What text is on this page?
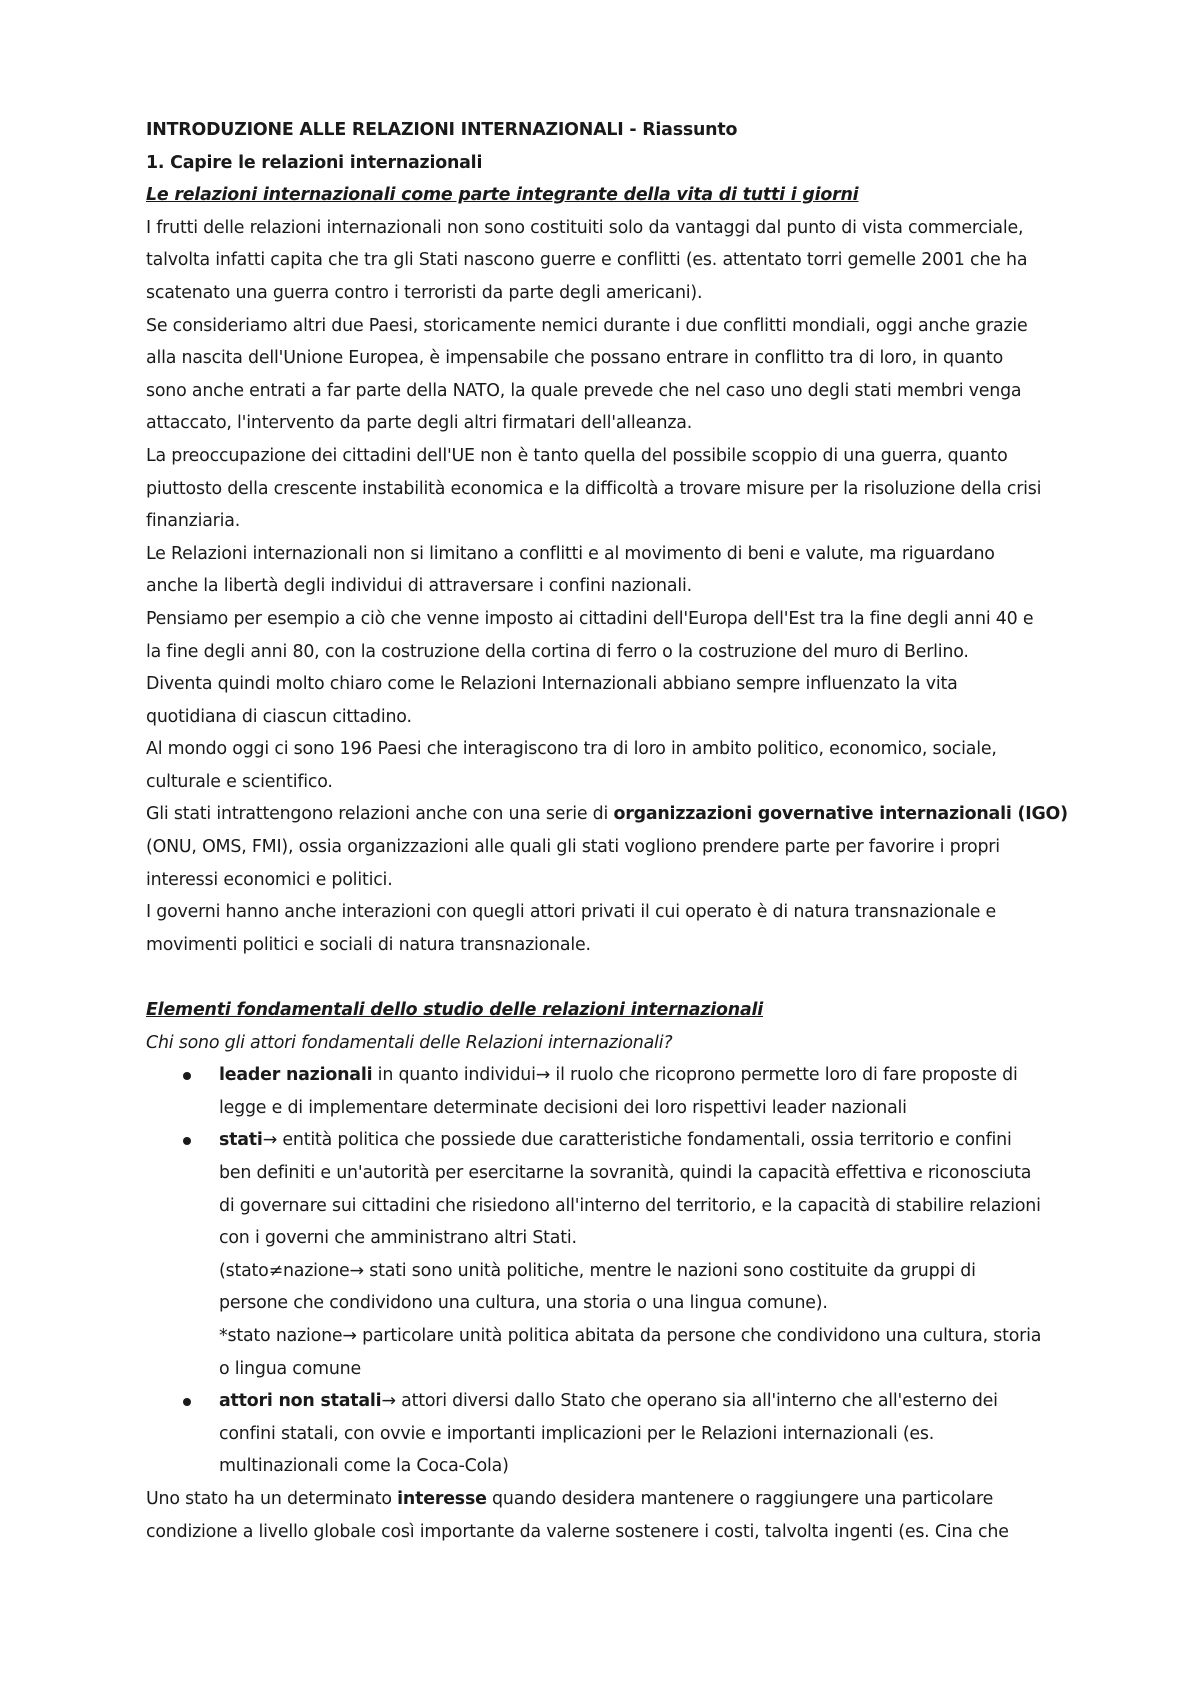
INTRODUZIONE ALLE RELAZIONI INTERNAZIONALI - Riassunto
1. Capire le relazioni internazionali
Le relazioni internazionali come parte integrante della vita di tutti i giorni
I frutti delle relazioni internazionali non sono costituiti solo da vantaggi dal punto di vista commerciale,
talvolta infatti capita che tra gli Stati nascono guerre e conflitti (es. attentato torri gemelle 2001 che ha
scatenato una guerra contro i terroristi da parte degli americani).
Se consideriamo altri due Paesi, storicamente nemici durante i due conflitti mondiali, oggi anche grazie
alla nascita dell'Unione Europea, è impensabile che possano entrare in conflitto tra di loro, in quanto
sono anche entrati a far parte della NATO, la quale prevede che nel caso uno degli stati membri venga
attaccato, l'intervento da parte degli altri firmatari dell'alleanza.
La preoccupazione dei cittadini dell'UE non è tanto quella del possibile scoppio di una guerra, quanto
piuttosto della crescente instabilità economica e la difficoltà a trovare misure per la risoluzione della crisi
finanziaria.
Le Relazioni internazionali non si limitano a conflitti e al movimento di beni e valute, ma riguardano
anche la libertà degli individui di attraversare i confini nazionali.
Pensiamo per esempio a ciò che venne imposto ai cittadini dell'Europa dell'Est tra la fine degli anni 40 e
la fine degli anni 80, con la costruzione della cortina di ferro o la costruzione del muro di Berlino.
Diventa quindi molto chiaro come le Relazioni Internazionali abbiano sempre influenzato la vita
quotidiana di ciascun cittadino.
Al mondo oggi ci sono 196 Paesi che interagiscono tra di loro in ambito politico, economico, sociale,
culturale e scientifico.
Gli stati intrattengono relazioni anche con una serie di organizzazioni governative internazionali (IGO)
(ONU, OMS, FMI), ossia organizzazioni alle quali gli stati vogliono prendere parte per favorire i propri
interessi economici e politici.
I governi hanno anche interazioni con quegli attori privati il cui operato è di natura transnazionale e
movimenti politici e sociali di natura transnazionale.
Elementi fondamentali dello studio delle relazioni internazionali
Chi sono gli attori fondamentali delle Relazioni internazionali?
leader nazionali in quanto individui→ il ruolo che ricoprono permette loro di fare proposte di
legge e di implementare determinate decisioni dei loro rispettivi leader nazionali
stati→ entità politica che possiede due caratteristiche fondamentali, ossia territorio e confini
ben definiti e un'autorità per esercitarne la sovranità, quindi la capacità effettiva e riconosciuta
di governare sui cittadini che risiedono all'interno del territorio, e la capacità di stabilire relazioni
con i governi che amministrano altri Stati.
(stato≠nazione→ stati sono unità politiche, mentre le nazioni sono costituite da gruppi di
persone che condividono una cultura, una storia o una lingua comune).
*stato nazione→ particolare unità politica abitata da persone che condividono una cultura, storia
o lingua comune
attori non statali→ attori diversi dallo Stato che operano sia all'interno che all'esterno dei
confini statali, con ovvie e importanti implicazioni per le Relazioni internazionali (es.
multinazionali come la Coca-Cola)
Uno stato ha un determinato interesse quando desidera mantenere o raggiungere una particolare
condizione a livello globale così importante da valerne sostenere i costi, talvolta ingenti (es. Cina che
